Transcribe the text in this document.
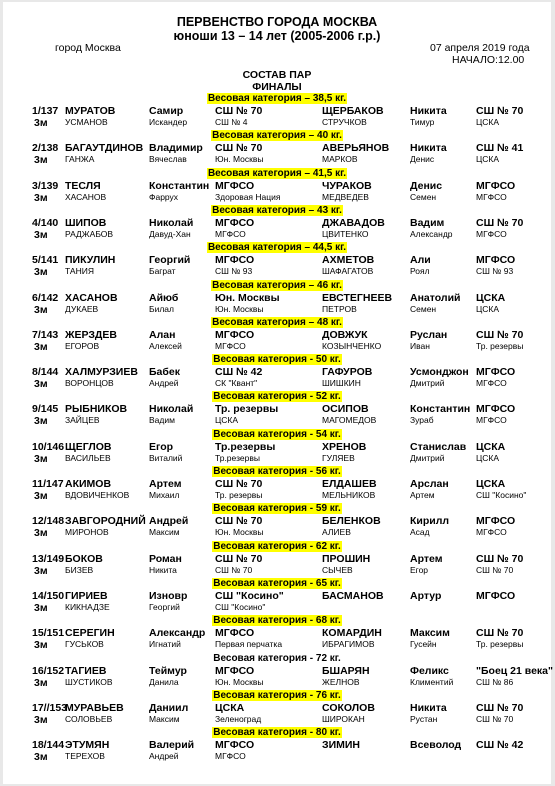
ПЕРВЕНСТВО ГОРОДА МОСКВА
юноши 13 – 14 лет (2005-2006 г.р.)
город Москва	07 апреля 2019 года
НАЧАЛО:12.00
СОСТАВ ПАР
ФИНАЛЫ
Весовая категория – 38,5 кг.
1/137
3м
МУРАТОВ	Самир	СШ № 70	ЩЕРБАКОВ	Никита	СШ № 70
УСМАНОВ	Искандер	СШ № 4	СТРУЧКОВ	Тимур	ЦСКА
Весовая категория – 40 кг.
2/138
3м
БАГАУТДИНОВ Владимир СШ № 70	АВЕРЬЯНОВ Никита	СШ № 41
ГАНЖА	Вячеслав	Юн. Москвы	МАРКОВ	Денис	ЦСКА
Весовая категория – 41,5 кг.
3/139
3м
ТЕСЛЯ	Константин МГФСО	ЧУРАКОВ	Денис	МГФСО
ХАСАНОВ	Фаррух	Здоровая Нация	МЕДВЕДЕВ	Семен	МГФСО
Весовая категория – 43 кг.
4/140
3м
ШИПОВ	Николай МГФСО	ДЖАВАДОВ Вадим	СШ № 70
РАДЖАБОВ	Давуд-Хан	МГФСО	ЦВИТЕНКО	Александр	МГФСО
Весовая категория – 44,5 кг.
5/141
3м
ПИКУЛИН	Георгий МГФСО	АХМЕТОВ	Али	МГФСО
ТАНИЯ	Баграт	СШ № 93	ШАФАГАТОВ	Роял	СШ № 93
Весовая категория – 46 кг.
6/142
3м
ХАСАНОВ	Айюб	Юн. Москвы	ЕВСТЕГНЕЕВ Анатолий ЦСКА
ДУКАЕВ	Билал	Юн. Москвы	ПЕТРОВ	Семен	ЦСКА
Весовая категория – 48 кг.
7/143
3м
ЖЕРЗДЕВ	Алан	МГФСО	ДОВЖУК	Руслан	СШ № 70
ЕГОРОВ	Алексей	МГФСО	КОЗЫНЧЕНКО	Иван	Тр. резервы
Весовая категория - 50 кг.
8/144
3м
ХАЛМУРЗИЕВ Бабек	СШ № 42	ГАФУРОВ	Усмонджон МГФСО
ВОРОНЦОВ	Андрей	СК "Квант"	ШИШКИН	Дмитрий	МГФСО
Весовая категория - 52 кг.
9/145
3м
РЫБНИКОВ Николай Тр. резервы	ОСИПОВ	Константин МГФСО
ЗАЙЦЕВ	Вадим	ЦСКА	МАГОМЕДОВ	Зураб	МГФСО
Весовая категория - 54 кг.
10/146
3м
ЩЕГЛОВ	Егор	Тр.резервы	ХРЕНОВ	Станислав ЦСКА
ВАСИЛЬЕВ	Виталий	Тр.резервы	ГУЛЯЕВ	Дмитрий	ЦСКА
Весовая категория - 56 кг.
11/147
3м
АКИМОВ	Артем	СШ № 70	ЕЛДАШЕВ	Арслан	ЦСКА
ВДОВИЧЕНКОВ Михаил	Тр. резервы	МЕЛЬНИКОВ	Артем	СШ "Косино"
Весовая категория - 59 кг.
12/148
3м
ЗАВГОРОДНИЙ Андрей	СШ № 70	БЕЛЕНКОВ	Кирилл	МГФСО
МИРОНОВ	Максим	Юн. Москвы	АЛИЕВ	Асад	МГФСО
Весовая категория - 62 кг.
13/149
3м
БОКОВ	Роман	СШ № 70	ПРОШИН	Артем	СШ № 70
БИЗЕВ	Никита	СШ № 70	СЫЧЕВ	Егор	СШ № 70
Весовая категория - 65 кг.
14/150
3м
ГИРИЕВ	Изновр	СШ "Косино"	БАСМАНОВ	Артур	МГФСО
КИКНАДЗЕ	Георгий	СШ "Косино"
Весовая категория - 68 кг.
15/151
3м
СЕРЕГИН	Александр МГФСО	КОМАРДИН	Максим СШ № 70
ГУСЬКОВ	Игнатий	Первая перчатка	ИБРАГИМОВ	Гусейн	Тр. резервы
Весовая категория - 72 кг.
16/152
3м
ТАГИЕВ	Теймур	МГФСО	БШАРЯН	Феликс	"Боец 21 века"
ШУСТИКОВ	Данила	Юн. Москвы	ЖЕЛНОВ	Климентий	СШ № 86
Весовая категория - 76 кг.
17//153
3м
МУРАВЬЕВ Даниил	ЦСКА	СОКОЛОВ	Никита	СШ № 70
СОЛОВЬЕВ	Максим	Зеленоград	ШИРОКАН	Рустан	СШ № 70
Весовая категория - 80 кг.
18/144
3м
ЭТУМЯН	Валерий МГФСО	ЗИМИН	Всеволод СШ № 42
ТЕРЕХОВ	Андрей	МГФСО
